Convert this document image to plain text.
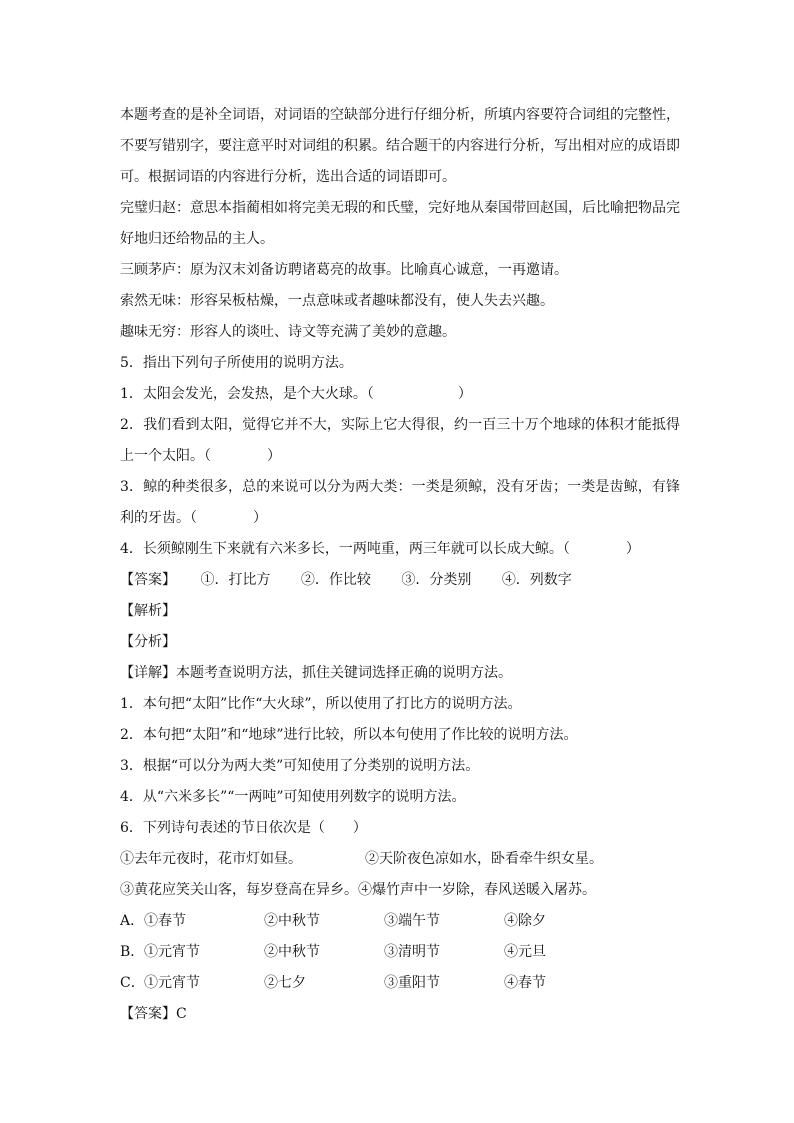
本题考查的是补全词语，对词语的空缺部分进行仔细分析，所填内容要符合词组的完整性，不要写错别字，要注意平时对词组的积累。结合题干的内容进行分析，写出相对应的成语即可。根据词语的内容进行分析，选出合适的词语即可。
完璧归赵：意思本指蔺相如将完美无瑕的和氏璧，完好地从秦国带回赵国，后比喻把物品完好地归还给物品的主人。
三顾茅庐：原为汉末刘备访聘诸葛亮的故事。比喻真心诚意，一再邀请。
索然无味：形容呆板枯燥，一点意味或者趣味都没有，使人失去兴趣。
趣味无穷：形容人的谈吐、诗文等充满了美妙的意趣。
5．指出下列句子所使用的说明方法。
1．太阳会发光，会发热，是个大火球。（　　　　　　）
2．我们看到太阳，觉得它并不大，实际上它大得很，约一百三十万个地球的体积才能抵得上一个太阳。（　　　　）
3．鲸的种类很多，总的来说可以分为两大类：一类是须鲸，没有牙齿；一类是齿鲸，有锋利的牙齿。（　　　　）
4．长须鲸刚生下来就有六米多长，一两吨重，两三年就可以长成大鲸。（　　　　）
【答案】 ①．打比方 ②．作比较 ③．分类别 ④．列数字
【解析】
【分析】
【详解】本题考查说明方法，抓住关键词选择正确的说明方法。
1．本句把“太阳”比作“大火球”，所以使用了打比方的说明方法。
2．本句把“太阳”和“地球”进行比较，所以本句使用了作比较的说明方法。
3．根据“可以分为两大类”可知使用了分类别的说明方法。
4．从“六米多长”“一两吨”可知使用列数字的说明方法。
6．下列诗句表述的节日依次是（　　）
①去年元夜时，花市灯如昼。	②天阶夜色凉如水，卧看牵牛织女星。
③黄花应笑关山客，每岁登高在异乡。④爆竹声中一岁除，春风送暖入屠苏。
A．①春节	②中秋节	③端午节	④除夕
B．①元宵节	②中秋节	③清明节	④元旦
C．①元宵节	②七夕	③重阳节	④春节
【答案】C
